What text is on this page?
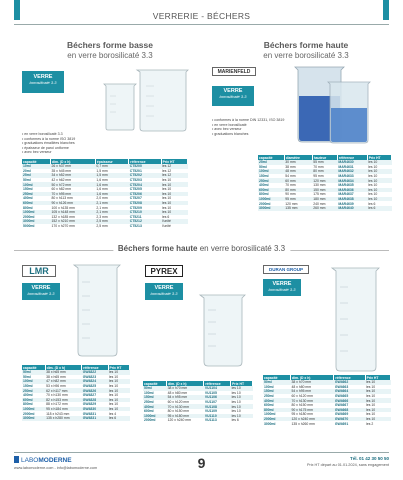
VERRERIE - BÉCHERS
Béchers forme basse
en verre borosilicaté 3.3
VERRE
borosilicaté 3.3
• en verre borosilicaté 3.3
• conformes à la norme ISO 3819
• graduations émaillées blanches
• épaisseur de paroi uniforme
• avec bec verseur
capacité	dim. (D x h)	épaisseur	référence	Prix HT
10ml	26 x h37 mm	0,7 mm	CT5200	les 12
20ml	35 x h45 mm	1,5 mm	CT5201	les 12
25ml	34 x h52 mm	1,5 mm	CT5202	les 12
50ml	42 x h62 mm	1,6 mm	CT5203	les 10
100ml	50 x h72 mm	1,6 mm	CT5204	les 10
150ml	60 x h82 mm	1,6 mm	CT5205	les 10
250ml	70 x h95 mm	1,6 mm	CT5206	les 10
400ml	80 x h113 mm	2,0 mm	CT5207	les 10
600ml	90 x h126 mm	2,1 mm	CT5208	les 10
800ml	100 x h135 mm	2,1 mm	CT5209	les 10
1000ml	105 x h148 mm	2,1 mm	CT5210	les 10
2000ml	132 x h185 mm	2,3 mm	CT5211	les 6
3000ml	152 x h210 mm	2,5 mm	CT5212	l'unité
5000ml	170 x h270 mm	2,5 mm	CT5213	l'unité
Béchers forme haute
en verre borosilicaté 3.3
MARIENFELD
VERRE
borosilicaté 3.3
• conformes à la norme DIN 12331, ISO 3819
• en verre borosilicaté
• avec bec verseur
• graduations blanches
capacité	diamètre	hauteur	référence	Prix HT
25ml	30 mm	55 mm	MAR4630	les 10
50ml	38 mm	70 mm	MAR4631	les 10
100ml	48 mm	80 mm	MAR4632	les 10
150ml	54 mm	95 mm	MAR4633	les 10
250ml	60 mm	120 mm	MAR4634	les 10
400ml	70 mm	130 mm	MAR4635	les 10
600ml	80 mm	150 mm	MAR4636	les 10
800ml	90 mm	175 mm	MAR4637	les 10
1000ml	95 mm	180 mm	MAR4638	les 10
2000ml	120 mm	240 mm	MAR4639	les 6
3000ml	135 mm	260 mm	MAR4640	les 6
Béchers forme haute en verre borosilicaté 3.3
LMR
VERRE
borosilicaté 3.3
capacité	dim. (D x h)	référence	Prix HT
50ml	38 x h65 mm	GW4822	les 10
50ml	38 x h65 mm	GW4823	les 10
100ml	47 x h82 mm	GW4824	les 10
150ml	53 x h96 mm	GW4825	les 10
250ml	62 x h117 mm	GW4826	les 10
400ml	70 x h130 mm	GW4827	les 10
600ml	82 x h153 mm	GW4828	les 10
800ml	88 x h172 mm	GW4829	les 10
1000ml	95 x h184 mm	GW4830	les 10
2000ml	118 x h243 mm	GW4831	les 4
3000ml	135 x h280 mm	GW4831	les 6
PYREX
VERRE
borosilicaté 3.3
capacité	dim. (D x h)	référence	Prix HT
50ml	38 x h70 mm	VU1104	les 10
100ml	48 x h80 mm	VU1105	les 10
150ml	54 x h95 mm	VU1106	les 10
250ml	60 x h120 mm	VU1107	les 10
400ml	70 x h130 mm	VU1108	les 10
600ml	80 x h150 mm	VU1109	les 10
1000ml	95 x h180 mm	VU1110	les 10
2000ml	120 x h240 mm	VU1113	les 6
DURAN GROUP
VERRE
borosilicaté 3.3
capacité	dim. (D x h)	référence	Prix HT
50ml	38 x h70 mm	GW4662	les 10
100ml	48 x h80 mm	GW4663	les 10
150ml	54 x h95 mm	GW4664	les 10
250ml	60 x h120 mm	GW4665	les 10
400ml	70 x h130 mm	GW4666	les 10
600ml	80 x h150 mm	GW4667	les 10
800ml	90 x h175 mm	GW4668	les 10
1000ml	95 x h180 mm	GW4669	les 10
2000ml	120 x h240 mm	GW4670	les 10
3000ml	135 x h260 mm	GW4691	les 2
LABOMODERNE
www.labomoderne.com - info@labomoderne.com	9	Tél. 01 42 30 50 50
Prix HT départ au 01.01.2024, sans engagement
